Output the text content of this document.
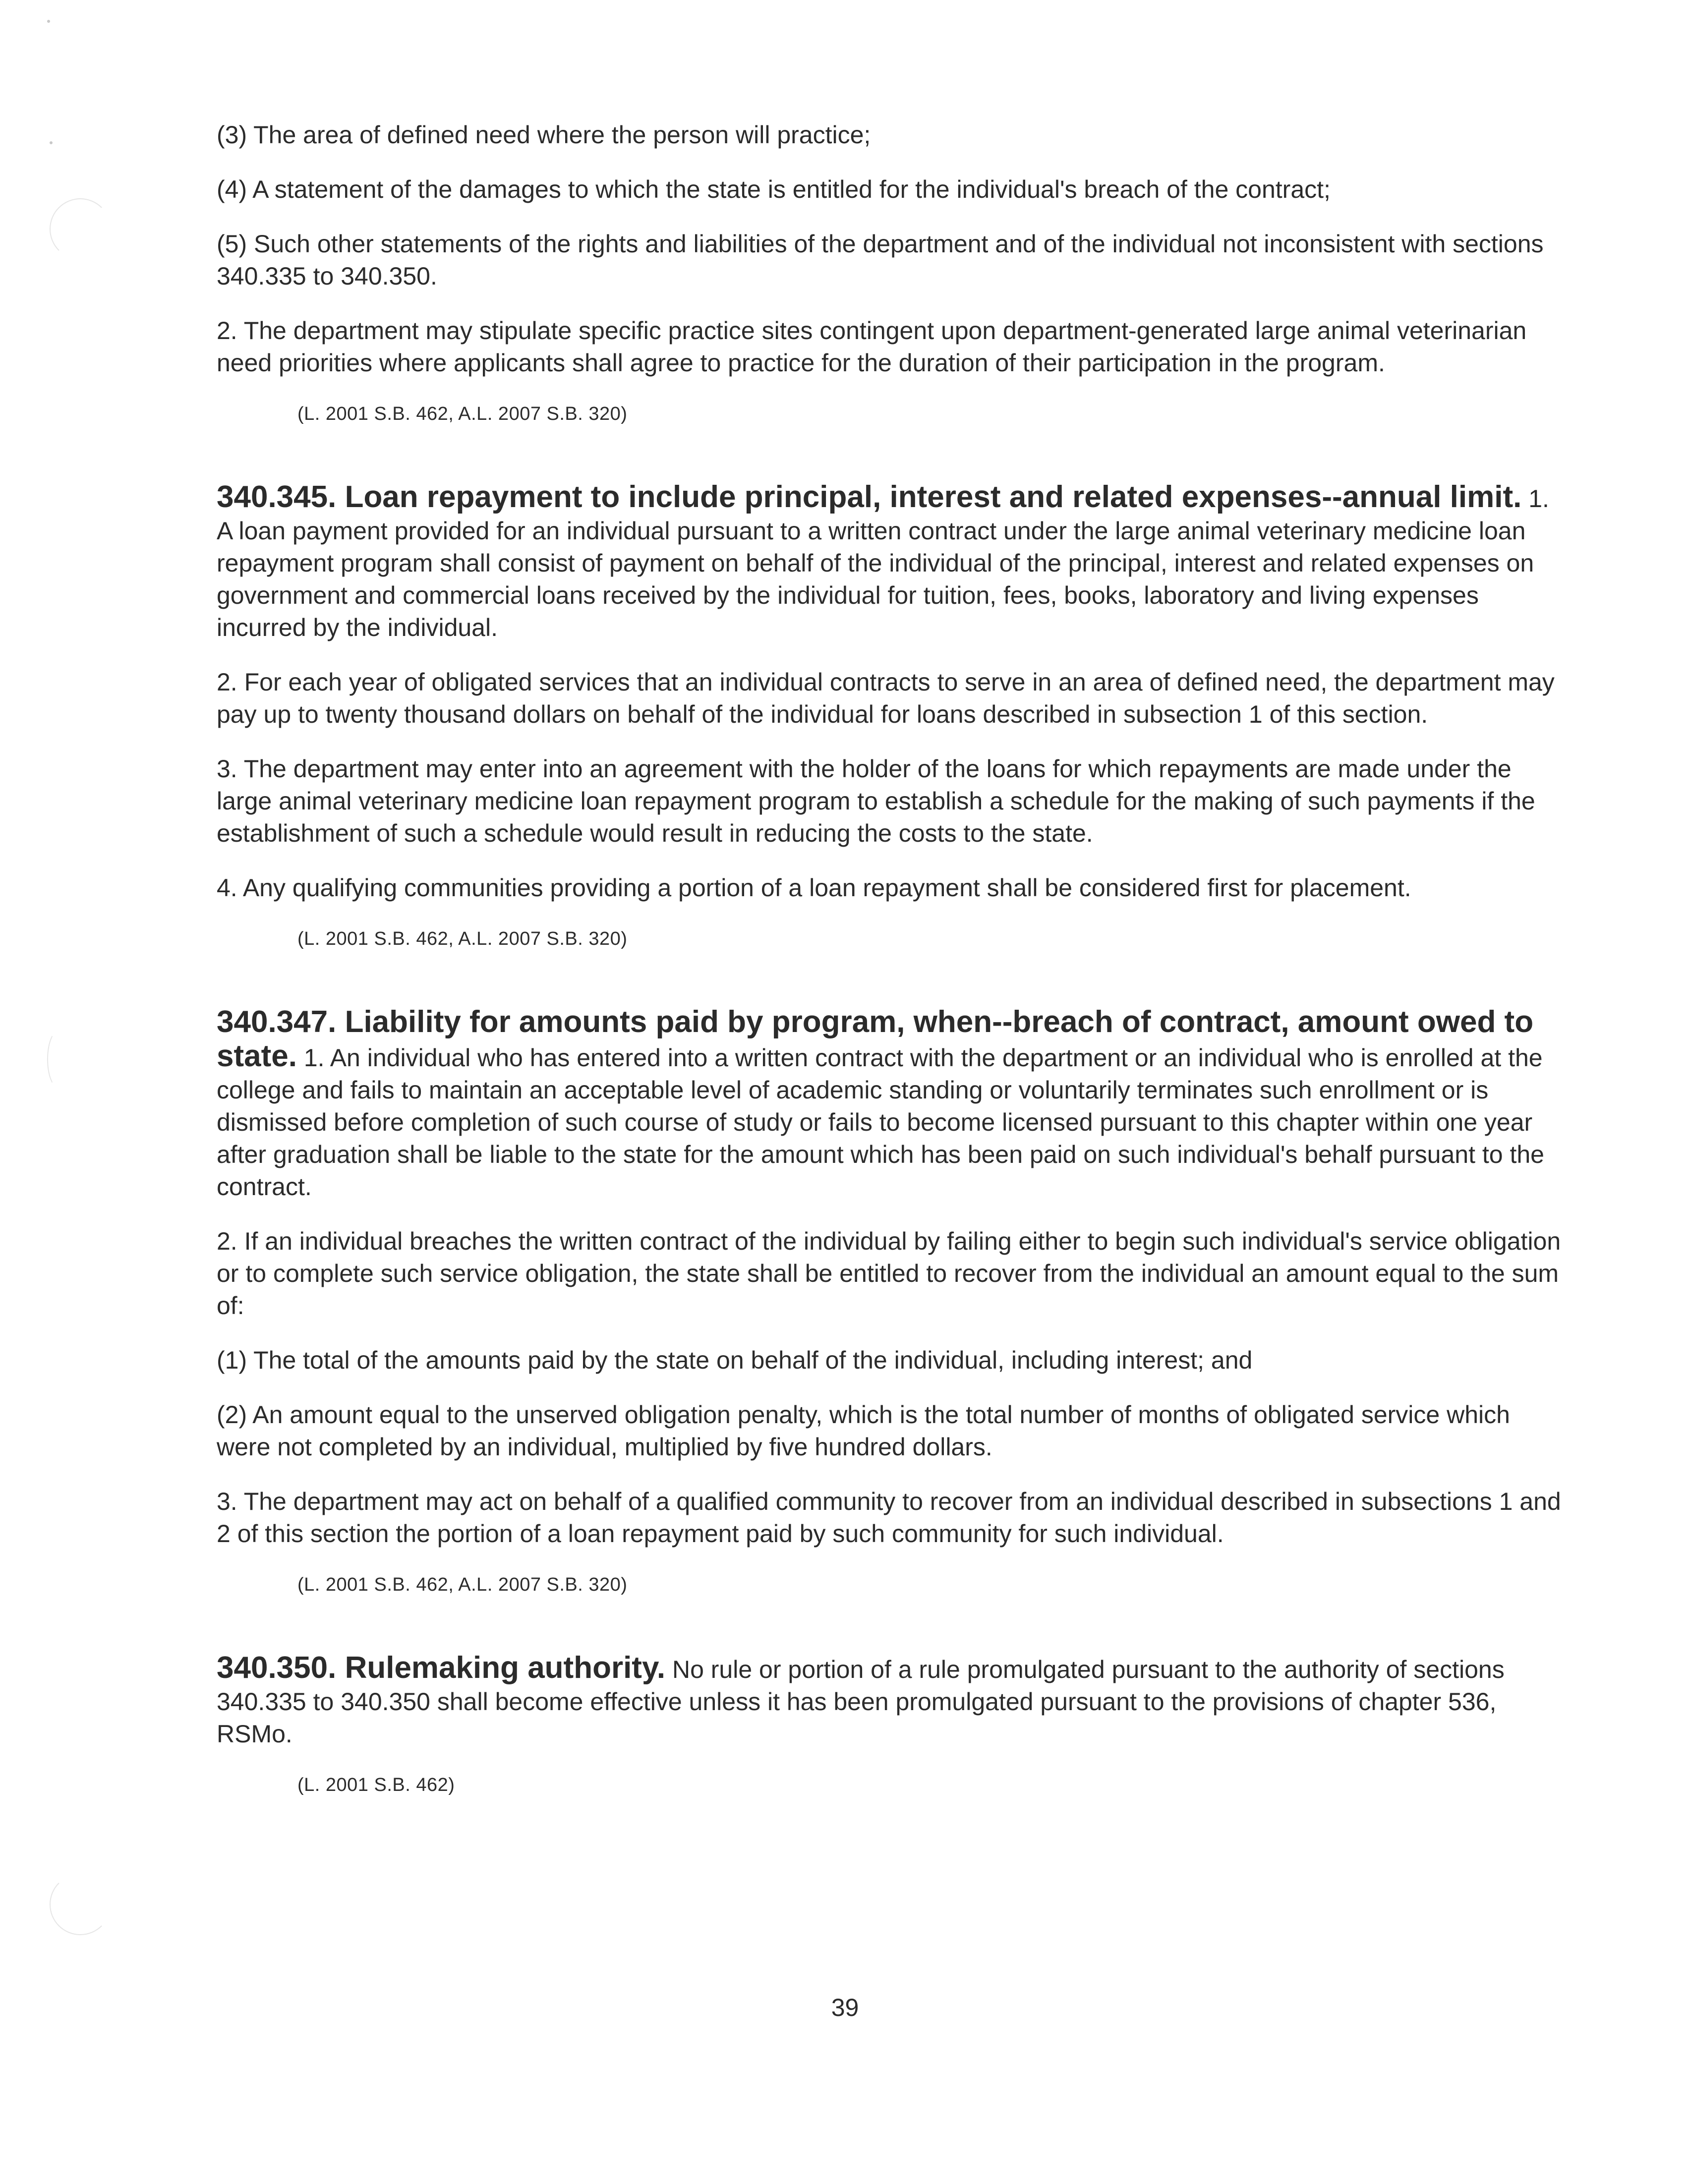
(3) The area of defined need where the person will practice;

(4) A statement of the damages to which the state is entitled for the individual's breach of the contract;

(5) Such other statements of the rights and liabilities of the department and of the individual not inconsistent with sections 340.335 to 340.350.

2. The department may stipulate specific practice sites contingent upon department-generated large animal veterinarian need priorities where applicants shall agree to practice for the duration of their participation in the program.

(L. 2001 S.B. 462, A.L. 2007 S.B. 320)

340.345. Loan repayment to include principal, interest and related expenses--annual limit. 1. A loan payment provided for an individual pursuant to a written contract under the large animal veterinary medicine loan repayment program shall consist of payment on behalf of the individual of the principal, interest and related expenses on government and commercial loans received by the individual for tuition, fees, books, laboratory and living expenses incurred by the individual.

2. For each year of obligated services that an individual contracts to serve in an area of defined need, the department may pay up to twenty thousand dollars on behalf of the individual for loans described in subsection 1 of this section.

3. The department may enter into an agreement with the holder of the loans for which repayments are made under the large animal veterinary medicine loan repayment program to establish a schedule for the making of such payments if the establishment of such a schedule would result in reducing the costs to the state.

4. Any qualifying communities providing a portion of a loan repayment shall be considered first for placement.

(L. 2001 S.B. 462, A.L. 2007 S.B. 320)

340.347. Liability for amounts paid by program, when--breach of contract, amount owed to state. 1. An individual who has entered into a written contract with the department or an individual who is enrolled at the college and fails to maintain an acceptable level of academic standing or voluntarily terminates such enrollment or is dismissed before completion of such course of study or fails to become licensed pursuant to this chapter within one year after graduation shall be liable to the state for the amount which has been paid on such individual's behalf pursuant to the contract.

2. If an individual breaches the written contract of the individual by failing either to begin such individual's service obligation or to complete such service obligation, the state shall be entitled to recover from the individual an amount equal to the sum of:

(1) The total of the amounts paid by the state on behalf of the individual, including interest; and

(2) An amount equal to the unserved obligation penalty, which is the total number of months of obligated service which were not completed by an individual, multiplied by five hundred dollars.

3. The department may act on behalf of a qualified community to recover from an individual described in subsections 1 and 2 of this section the portion of a loan repayment paid by such community for such individual.

(L. 2001 S.B. 462, A.L. 2007 S.B. 320)

340.350. Rulemaking authority. No rule or portion of a rule promulgated pursuant to the authority of sections 340.335 to 340.350 shall become effective unless it has been promulgated pursuant to the provisions of chapter 536, RSMo.

(L. 2001 S.B. 462)
39
